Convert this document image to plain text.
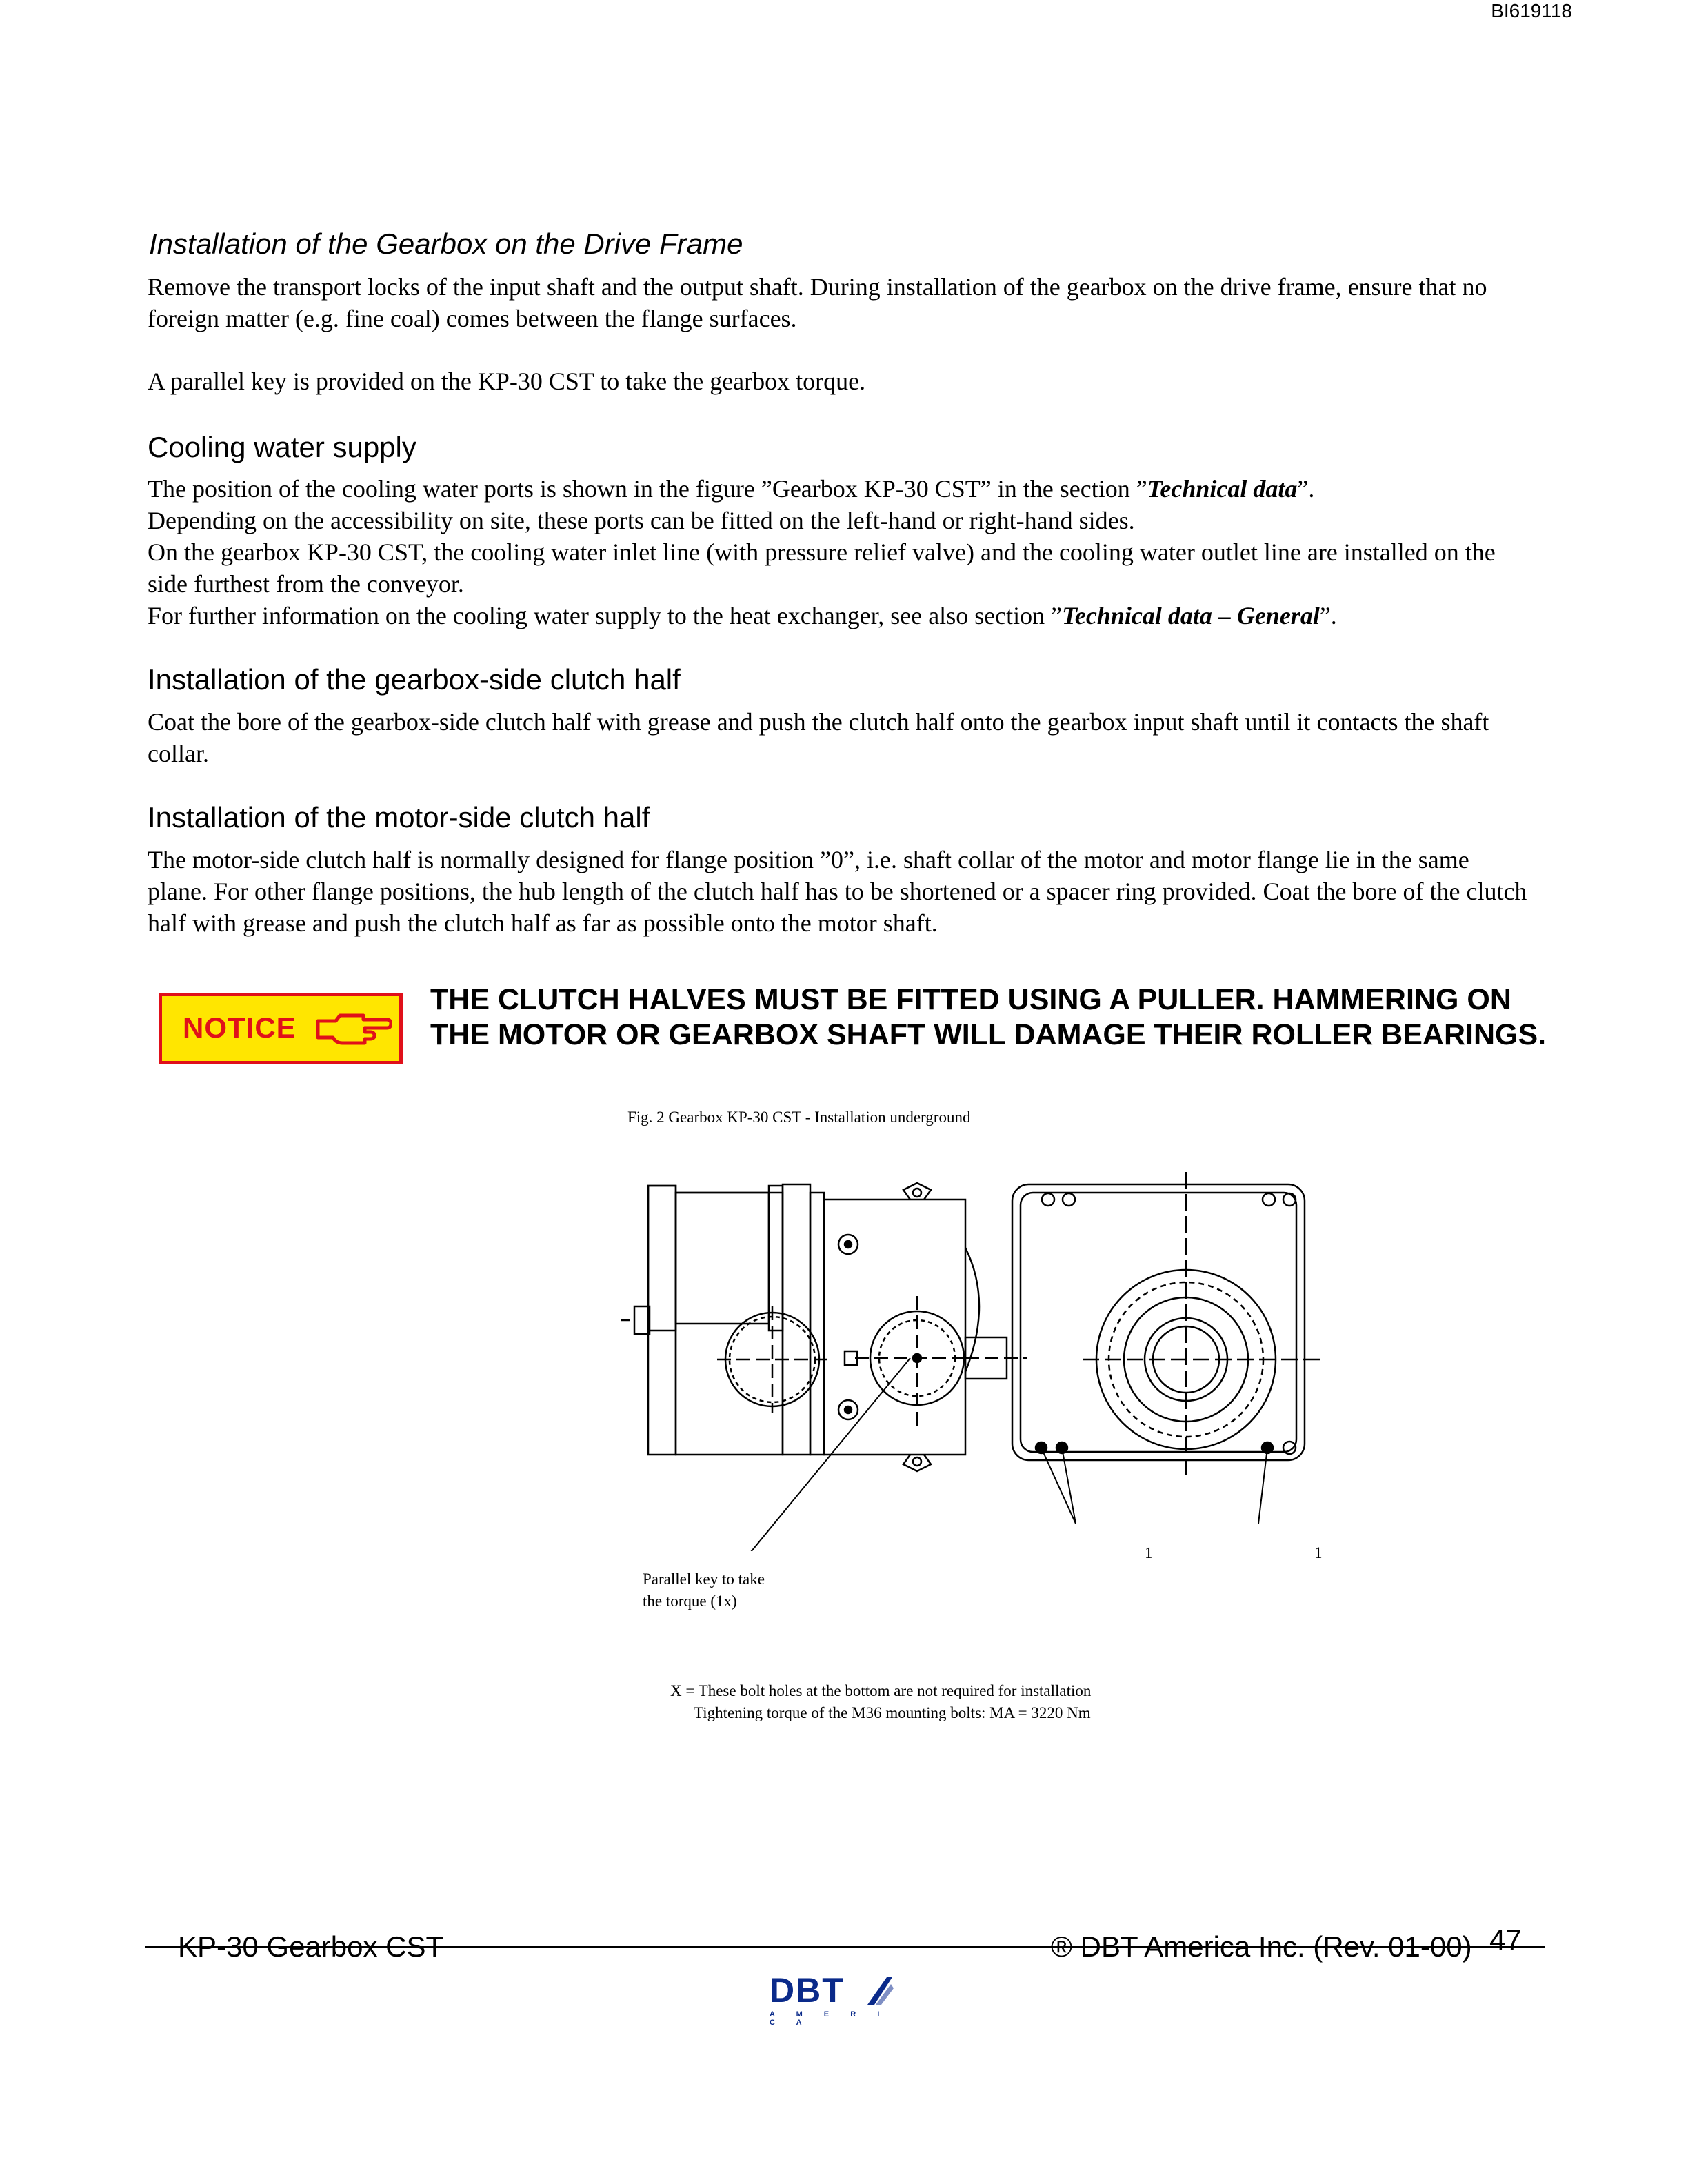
BI619118
Installation of the Gearbox on the Drive Frame
Remove the transport locks of the input shaft and the output shaft. During installation of the gearbox on the drive frame, ensure that no foreign matter (e.g. fine coal) comes between the flange surfaces.
A parallel key is provided on the KP-30 CST to take the gearbox torque.
Cooling water supply

The position of the cooling water ports is shown in the figure ”Gearbox KP-30 CST” in the section ”Technical data”.

Depending on the accessibility on site, these ports can be fitted on the left-hand or right-hand sides.

On the gearbox KP-30 CST, the cooling water inlet line (with pressure relief valve) and the cooling water outlet line are installed on the side furthest from the conveyor.

For further information on the cooling water supply to the heat exchanger, see also section ”Technical data – General”.

Installation of the gearbox-side clutch half
Coat the bore of the gearbox-side clutch half with grease and push the clutch half onto the gearbox input shaft until it contacts the shaft collar.
Installation of the motor-side clutch half
The motor-side clutch half is normally designed for flange position ”0”, i.e. shaft collar of the motor and motor flange lie in the same plane. For other flange positions, the hub length of the clutch half has to be shortened or a spacer ring provided. Coat the bore of the clutch half with grease and push the clutch half as far as possible onto the motor shaft.
NOTICE
THE CLUTCH HALVES MUST BE FITTED USING A PULLER. HAMMERING ON THE MOTOR OR GEARBOX SHAFT WILL DAMAGE THEIR ROLLER BEARINGS.
Fig. 2 Gearbox KP-30 CST - Installation underground
1	1
Parallel key to take
the torque (1x)
X = These bolt holes at the bottom are not required for installation
Tightening torque of the M36 mounting bolts: MA = 3220 Nm
KP-30 Gearbox CST	® DBT America Inc. (Rev. 01-00) 47
DBT
A M E R I C A
